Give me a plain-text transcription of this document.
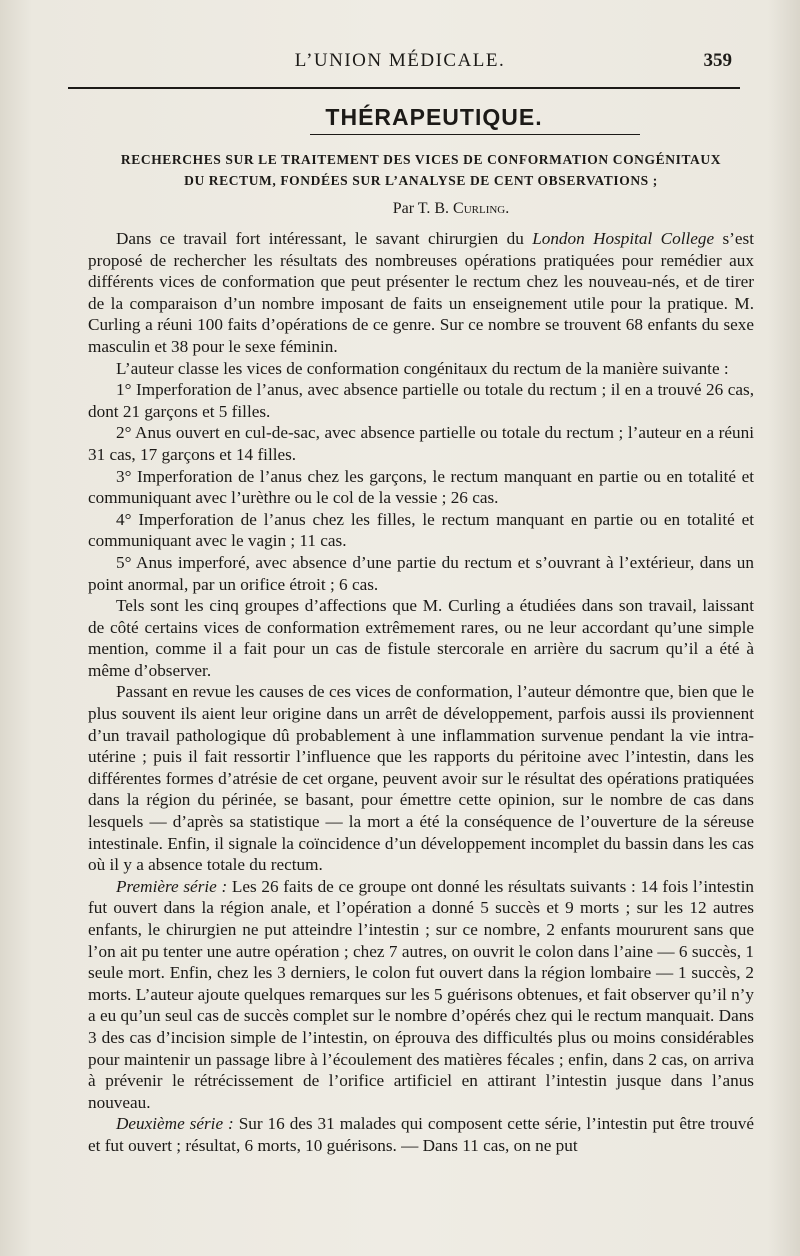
L’UNION MÉDICALE.	359
THÉRAPEUTIQUE.
RECHERCHES SUR LE TRAITEMENT DES VICES DE CONFORMATION CONGÉNITAUX
DU RECTUM, FONDÉES SUR L’ANALYSE DE CENT OBSERVATIONS ;
Par T. B. Curling.

Dans ce travail fort intéressant, le savant chirurgien du London Hospital College s’est proposé de rechercher les résultats des nombreuses opérations pratiquées pour remédier aux différents vices de conformation que peut présenter le rectum chez les nouveau-nés, et de tirer de la comparaison d’un nombre imposant de faits un enseignement utile pour la pratique. M. Curling a réuni 100 faits d’opérations de ce genre. Sur ce nombre se trouvent 68 enfants du sexe masculin et 38 pour le sexe féminin.

L’auteur classe les vices de conformation congénitaux du rectum de la manière suivante :

1° Imperforation de l’anus, avec absence partielle ou totale du rectum ; il en a trouvé 26 cas, dont 21 garçons et 5 filles.

2° Anus ouvert en cul-de-sac, avec absence partielle ou totale du rectum ; l’auteur en a réuni 31 cas, 17 garçons et 14 filles.

3° Imperforation de l’anus chez les garçons, le rectum manquant en partie ou en totalité et communiquant avec l’urèthre ou le col de la vessie ; 26 cas.

4° Imperforation de l’anus chez les filles, le rectum manquant en partie ou en totalité et communiquant avec le vagin ; 11 cas.

5° Anus imperforé, avec absence d’une partie du rectum et s’ouvrant à l’extérieur, dans un point anormal, par un orifice étroit ; 6 cas.

Tels sont les cinq groupes d’affections que M. Curling a étudiées dans son travail, laissant de côté certains vices de conformation extrêmement rares, ou ne leur accordant qu’une simple mention, comme il a fait pour un cas de fistule stercorale en arrière du sacrum qu’il a été à même d’observer.

Passant en revue les causes de ces vices de conformation, l’auteur démontre que, bien que le plus souvent ils aient leur origine dans un arrêt de développement, parfois aussi ils proviennent d’un travail pathologique dû probablement à une inflammation survenue pendant la vie intra-utérine ; puis il fait ressortir l’influence que les rapports du péritoine avec l’intestin, dans les différentes formes d’atrésie de cet organe, peuvent avoir sur le résultat des opérations pratiquées dans la région du périnée, se basant, pour émettre cette opinion, sur le nombre de cas dans lesquels — d’après sa statistique — la mort a été la conséquence de l’ouverture de la séreuse intestinale. Enfin, il signale la coïncidence d’un développement incomplet du bassin dans les cas où il y a absence totale du rectum.

Première série : Les 26 faits de ce groupe ont donné les résultats suivants : 14 fois l’intestin fut ouvert dans la région anale, et l’opération a donné 5 succès et 9 morts ; sur les 12 autres enfants, le chirurgien ne put atteindre l’intestin ; sur ce nombre, 2 enfants moururent sans que l’on ait pu tenter une autre opération ; chez 7 autres, on ouvrit le colon dans l’aine — 6 succès, 1 seule mort. Enfin, chez les 3 derniers, le colon fut ouvert dans la région lombaire — 1 succès, 2 morts. L’auteur ajoute quelques remarques sur les 5 guérisons obtenues, et fait observer qu’il n’y a eu qu’un seul cas de succès complet sur le nombre d’opérés chez qui le rectum manquait. Dans 3 des cas d’incision simple de l’intestin, on éprouva des difficultés plus ou moins considérables pour maintenir un passage libre à l’écoulement des matières fécales ; enfin, dans 2 cas, on arriva à prévenir le rétrécissement de l’orifice artificiel en attirant l’intestin jusque dans l’anus nouveau.

Deuxième série : Sur 16 des 31 malades qui composent cette série, l’intestin put être trouvé et fut ouvert ; résultat, 6 morts, 10 guérisons. — Dans 11 cas, on ne put
